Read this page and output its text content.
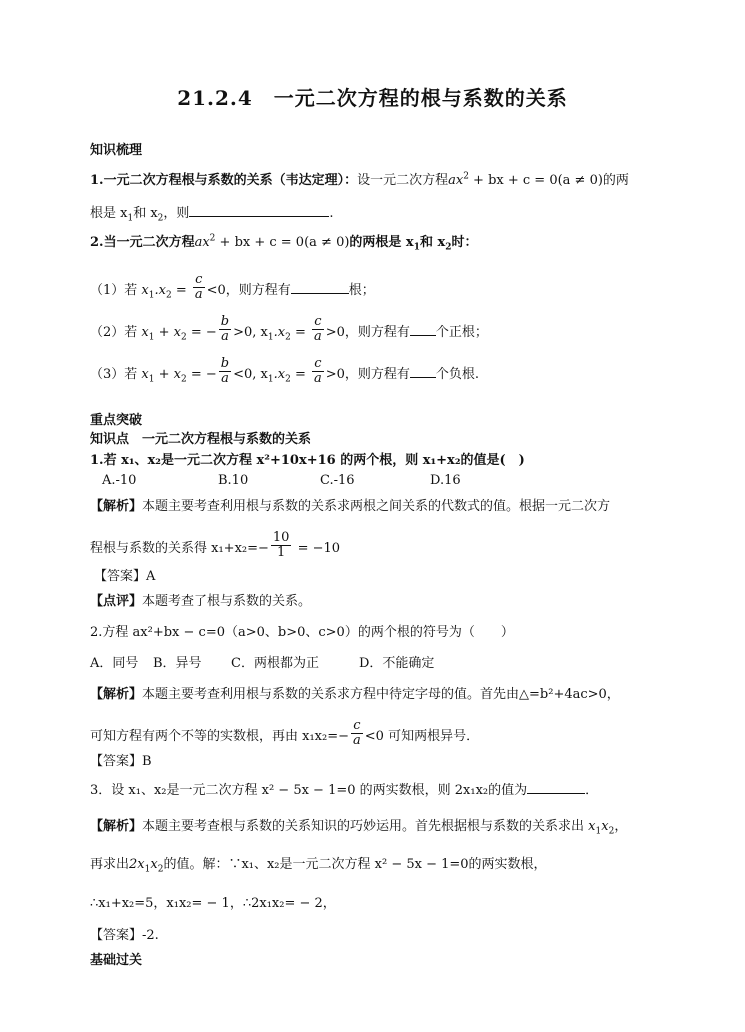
21.2.4　一元二次方程的根与系数的关系
知识梳理
1.一元二次方程根与系数的关系（韦达定理）：设一元二次方程$ax^2$ + bx + c = 0(a ≠ 0)的两
根是 $x_1$和 $x_2$，则	.
2.当一元二次方程$ax^2$ + bx + c = 0(a ≠ 0)的两根是 $x_1$和 $x_2$时：
（1）若 $x_1.x_2 = \frac{c}{a} <0$，则方程有	根；
（2）若 $x_1 + x_2$ = − $\frac{b}{a} >0$, $x_1.x_2 = \frac{c}{a} >0$，则方程有 个正根；
（3）若 $x_1 + x_2$ = − $\frac{b}{a} <0$, $x_1.x_2 = \frac{c}{a} >0$，则方程有 个负根.
重点突破
知识点　一元二次方程根与系数的关系
1.若 x₁、x₂是一元二次方程 x²+10x+16 的两个根，则 x₁+x₂的值是(　)
A.-10	B.10	C.-16	D.16
【解析】本题主要考查利用根与系数的关系求两根之间关系的代数式的值。根据一元二次方
程根与系数的关系得 $x_1+x_2=- \frac{10}{1} = -10$
【答案】A
【点评】本题考查了根与系数的关系。
2.方程 ax²+bx − c=0（a>0、b>0、c>0）的两个根的符号为（　　）
A．同号 B．异号 C．两根都为正	D．不能确定
【解析】本题主要考查利用根与系数的关系求方程中待定字母的值。首先由△=b²+4ac>0，
可知方程有两个不等的实数根，再由 $x_1x_2=- \frac{c}{a} <0$ 可知两根异号．
【答案】B
3．设 x₁、x₂是一元二次方程 x² − 5x − 1=0 的两实数根，则 2x₁x₂的值为	．
【解析】本题主要考查根与系数的关系知识的巧妙运用。首先根据根与系数的关系求出 $x_1x_2$，
再求出$2x_1x_2$的值。解：∵x₁、x₂是一元二次方程 x² − 5x − 1=0的两实数根，
∴x₁+x₂=5，x₁x₂= − 1，∴2x₁x₂= − 2，
【答案】-2.
基础过关
